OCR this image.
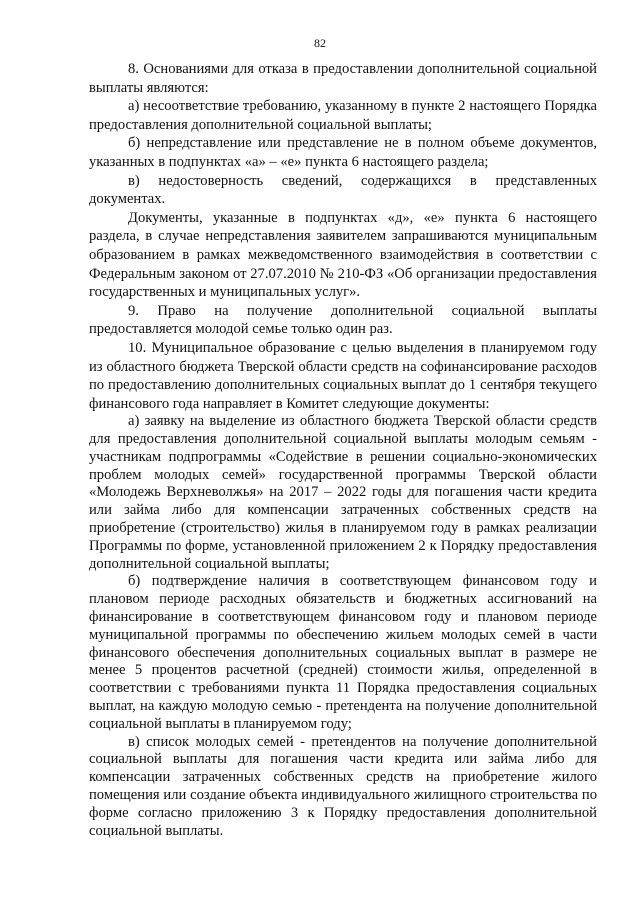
82

8. Основаниями для отказа в предоставлении дополнительной социальной выплаты являются:

а) несоответствие требованию, указанному в пункте 2 настоящего Порядка предоставления дополнительной социальной выплаты;

б) непредставление или представление не в полном объеме документов, указанных в подпунктах «а» – «е» пункта 6 настоящего раздела;

в) недостоверность сведений, содержащихся в представленных документах.

Документы, указанные в подпунктах «д», «е» пункта 6 настоящего раздела, в случае непредставления заявителем запрашиваются муниципальным образованием в рамках межведомственного взаимодействия в соответствии с Федеральным законом от 27.07.2010 № 210-ФЗ «Об организации предоставления государственных и муниципальных услуг».

9. Право на получение дополнительной социальной выплаты предоставляется молодой семье только один раз.

10. Муниципальное образование с целью выделения в планируемом году из областного бюджета Тверской области средств на софинансирование расходов по предоставлению дополнительных социальных выплат до 1 сентября текущего финансового года направляет в Комитет следующие документы:

а) заявку на выделение из областного бюджета Тверской области средств для предоставления дополнительной социальной выплаты молодым семьям - участникам подпрограммы «Содействие в решении социально-экономических проблем молодых семей» государственной программы Тверской области «Молодежь Верхневолжья» на 2017 – 2022 годы для погашения части кредита или займа либо для компенсации затраченных собственных средств на приобретение (строительство) жилья в планируемом году в рамках реализации Программы по форме, установленной приложением 2 к Порядку предоставления дополнительной социальной выплаты;

б) подтверждение наличия в соответствующем финансовом году и плановом периоде расходных обязательств и бюджетных ассигнований на финансирование в соответствующем финансовом году и плановом периоде муниципальной программы по обеспечению жильем молодых семей в части финансового обеспечения дополнительных социальных выплат в размере не менее 5 процентов расчетной (средней) стоимости жилья, определенной в соответствии с требованиями пункта 11 Порядка предоставления социальных выплат, на каждую молодую семью - претендента на получение дополнительной социальной выплаты в планируемом году;

в) список молодых семей - претендентов на получение дополнительной социальной выплаты для погашения части кредита или займа либо для компенсации затраченных собственных средств на приобретение жилого помещения или создание объекта индивидуального жилищного строительства по форме согласно приложению 3 к Порядку предоставления дополнительной социальной выплаты.
